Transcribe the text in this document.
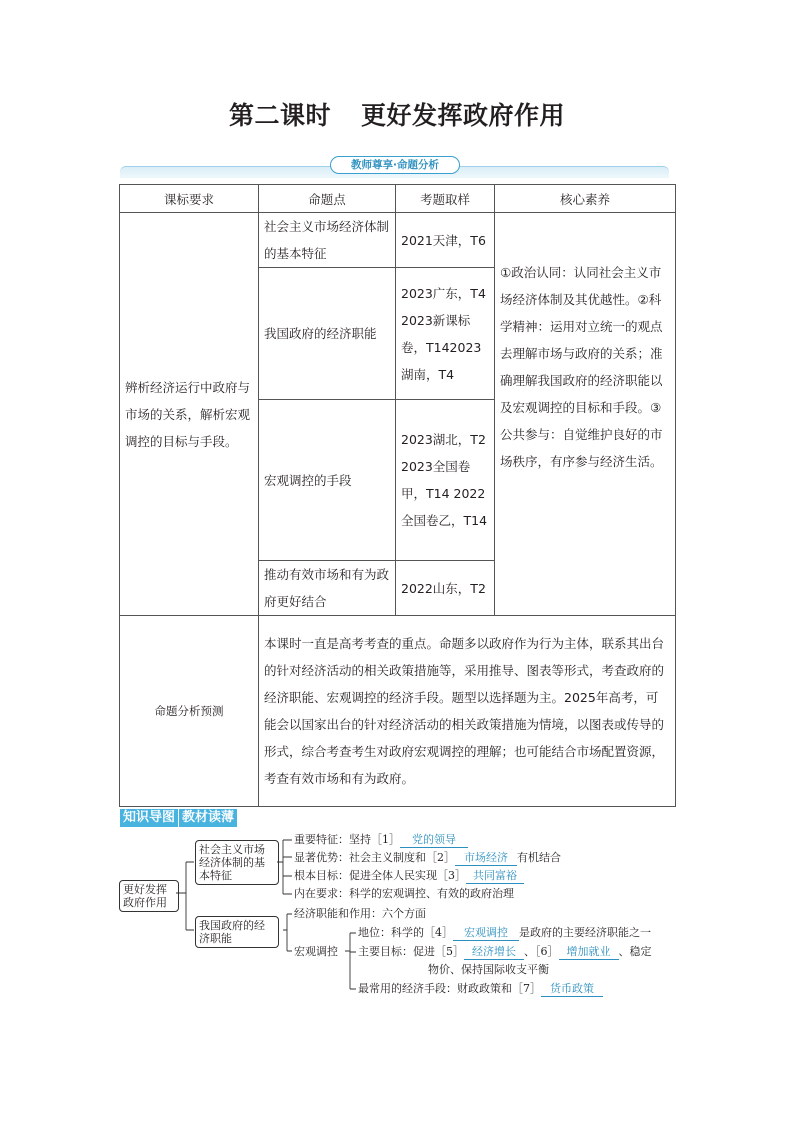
第二课时 更好发挥政府作用
教师尊享·命题分析
课标要求	命题点	考题取样	核心素养
辨析经济运行中政府与市场的关系，解析宏观调控的目标与手段。	社会主义市场经济体制的基本特征	2021天津，T6	①政治认同：认同社会主义市场经济体制及其优越性。②科学精神：运用对立统一的观点去理解市场与政府的关系；准确理解我国政府的经济职能以及宏观调控的目标和手段。③公共参与：自觉维护良好的市场秩序，有序参与经济生活。
	我国政府的经济职能	2023广东，T4 2023新课标卷，T142023湖南，T4	
	宏观调控的手段	2023湖北，T2 2023全国卷甲，T14 2022全国卷乙，T14	
	推动有效市场和有为政府更好结合	2022山东，T2	
命题分析预测	本课时一直是高考考查的重点。命题多以政府作为行为主体，联系其出台的针对经济活动的相关政策措施等，采用推导、图表等形式，考查政府的经济职能、宏观调控的经济手段。题型以选择题为主。2025年高考，可能会以国家出台的针对经济活动的相关政策措施为情境，以图表或传导的形式，综合考查考生对政府宏观调控的理解；也可能结合市场配置资源，考查有效市场和有为政府。		
知识导图 教材读薄
更好发挥政府作用
社会主义市场经济体制的基本特征
我国政府的经济职能
重要特征：坚持［1］ 党的领导
显著优势：社会主义制度和［2］ 市场经济 有机结合
根本目标：促进全体人民实现［3］ 共同富裕
内在要求：科学的宏观调控、有效的政府治理
经济职能和作用：六个方面
宏观调控
地位：科学的［4］ 宏观调控 是政府的主要经济职能之一
主要目标：促进［5］ 经济增长 、［6］ 增加就业 、稳定
物价、保持国际收支平衡
最常用的经济手段：财政政策和［7］ 货币政策
